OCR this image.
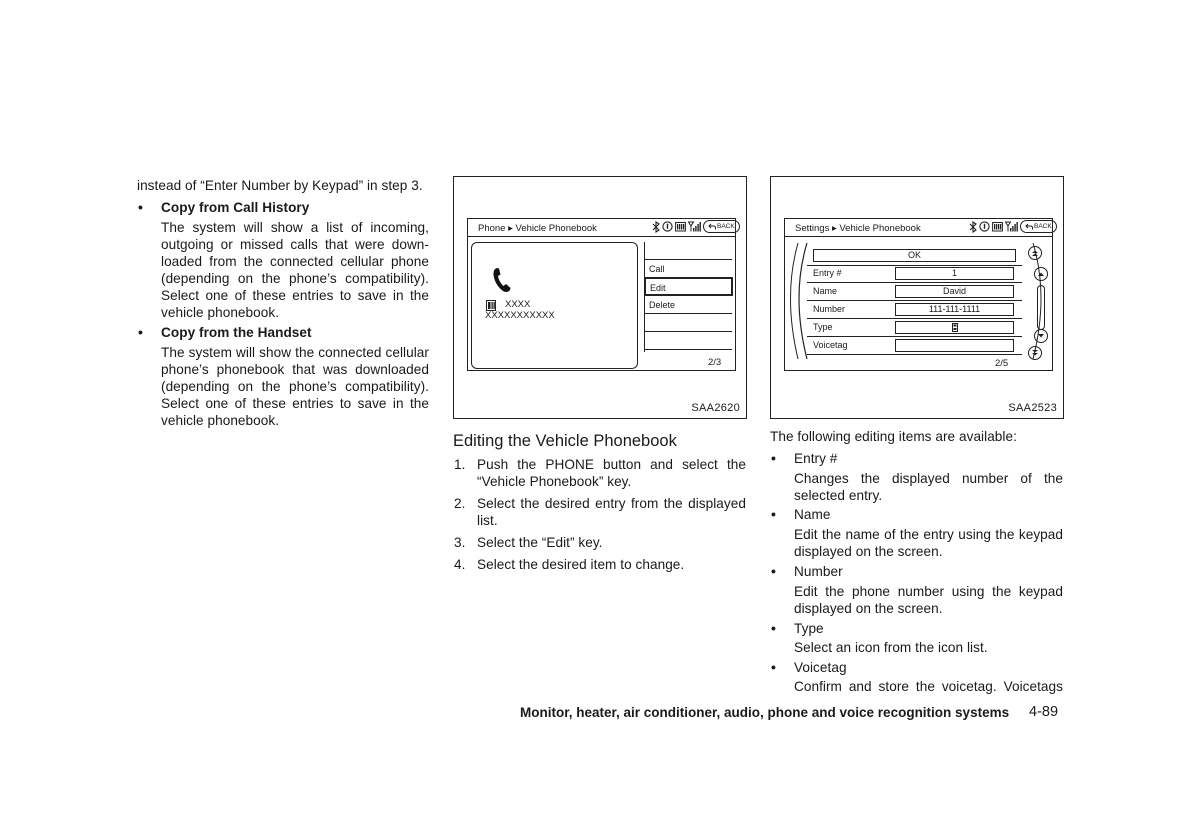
instead of “Enter Number by Keypad” in step 3.
• Copy from Call History
The system will show a list of incoming,
outgoing or missed calls that were down-
loaded from the connected cellular phone
(depending on the phone’s compatibility).
Select one of these entries to save in the
vehicle phonebook.
• Copy from the Handset
The system will show the connected cellular
phone’s phonebook that was downloaded
(depending on the phone’s compatibility).
Select one of these entries to save in the
vehicle phonebook.
Phone ▸ Vehicle Phonebook	BACK
XXXX
XXXXXXXXXXX
Call
Edit
Delete
2/3
SAA2620
Settings ▸ Vehicle Phonebook	BACK
OK
Entry #	1
Name	David
Number	111-111-1111
Type
Voicetag
2/5
SAA2523
Editing the Vehicle Phonebook
1. Push the PHONE button and select the
“Vehicle Phonebook” key.
2. Select the desired entry from the displayed
list.
3. Select the “Edit” key.
4. Select the desired item to change.
The following editing items are available:
• Entry #
Changes the displayed number of the
selected entry.
• Name
Edit the name of the entry using the keypad
displayed on the screen.
• Number
Edit the phone number using the keypad
displayed on the screen.
• Type
Select an icon from the icon list.
• Voicetag
Confirm and store the voicetag. Voicetags
Monitor, heater, air conditioner, audio, phone and voice recognition systems 4-89
